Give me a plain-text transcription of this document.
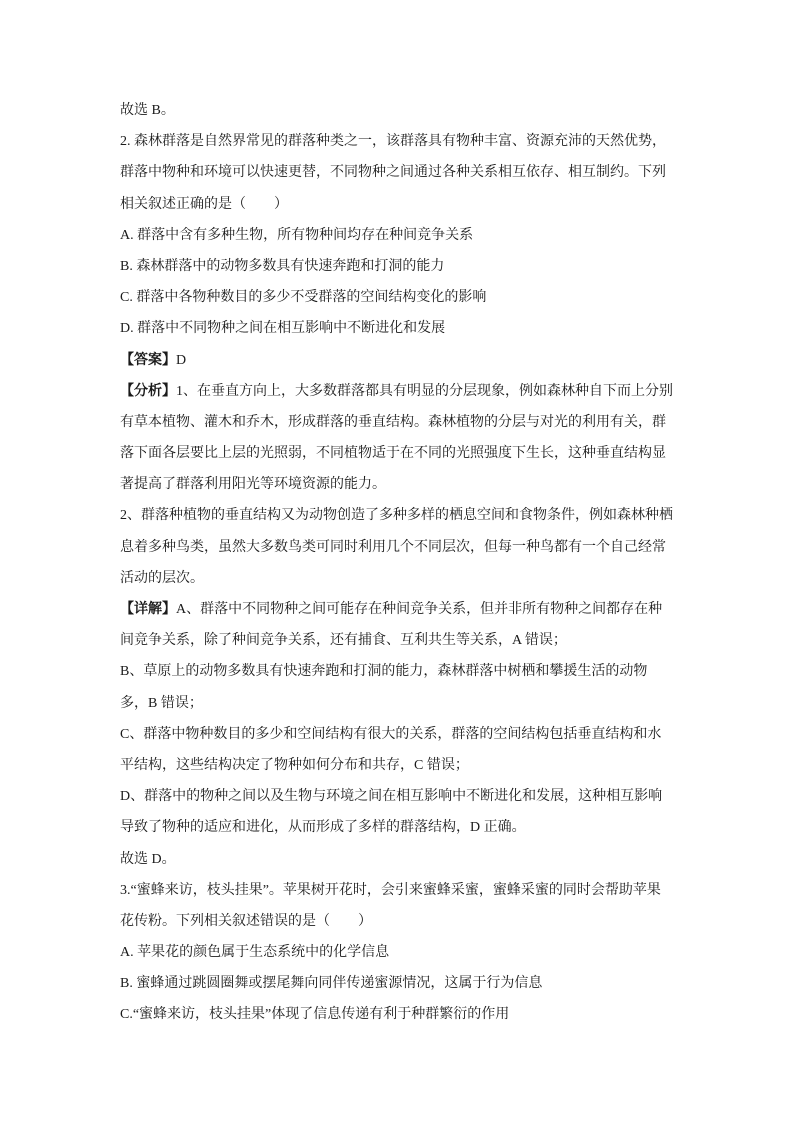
故选 B。
2. 森林群落是自然界常见的群落种类之一，该群落具有物种丰富、资源充沛的天然优势，
群落中物种和环境可以快速更替，不同物种之间通过各种关系相互依存、相互制约。下列
相关叙述正确的是（　　）
A. 群落中含有多种生物，所有物种间均存在种间竞争关系
B. 森林群落中的动物多数具有快速奔跑和打洞的能力
C. 群落中各物种数目的多少不受群落的空间结构变化的影响
D. 群落中不同物种之间在相互影响中不断进化和发展
【答案】D
【分析】1、在垂直方向上，大多数群落都具有明显的分层现象，例如森林种自下而上分别
有草本植物、灌木和乔木，形成群落的垂直结构。森林植物的分层与对光的利用有关，群
落下面各层要比上层的光照弱，不同植物适于在不同的光照强度下生长，这种垂直结构显
著提高了群落利用阳光等环境资源的能力。
2、群落种植物的垂直结构又为动物创造了多种多样的栖息空间和食物条件，例如森林种栖
息着多种鸟类，虽然大多数鸟类可同时利用几个不同层次，但每一种鸟都有一个自己经常
活动的层次。
【详解】A、群落中不同物种之间可能存在种间竞争关系，但并非所有物种之间都存在种
间竞争关系，除了种间竞争关系，还有捕食、互利共生等关系，A 错误；
B、草原上的动物多数具有快速奔跑和打洞的能力，森林群落中树栖和攀援生活的动物
多，B 错误；
C、群落中物种数目的多少和空间结构有很大的关系，群落的空间结构包括垂直结构和水
平结构，这些结构决定了物种如何分布和共存，C 错误；
D、群落中的物种之间以及生物与环境之间在相互影响中不断进化和发展，这种相互影响
导致了物种的适应和进化，从而形成了多样的群落结构，D 正确。
故选 D。
3.“蜜蜂来访，枝头挂果”。苹果树开花时，会引来蜜蜂采蜜，蜜蜂采蜜的同时会帮助苹果
花传粉。下列相关叙述错误的是（　　）
A. 苹果花的颜色属于生态系统中的化学信息
B. 蜜蜂通过跳圆圈舞或摆尾舞向同伴传递蜜源情况，这属于行为信息
C.“蜜蜂来访，枝头挂果”体现了信息传递有利于种群繁衍的作用
